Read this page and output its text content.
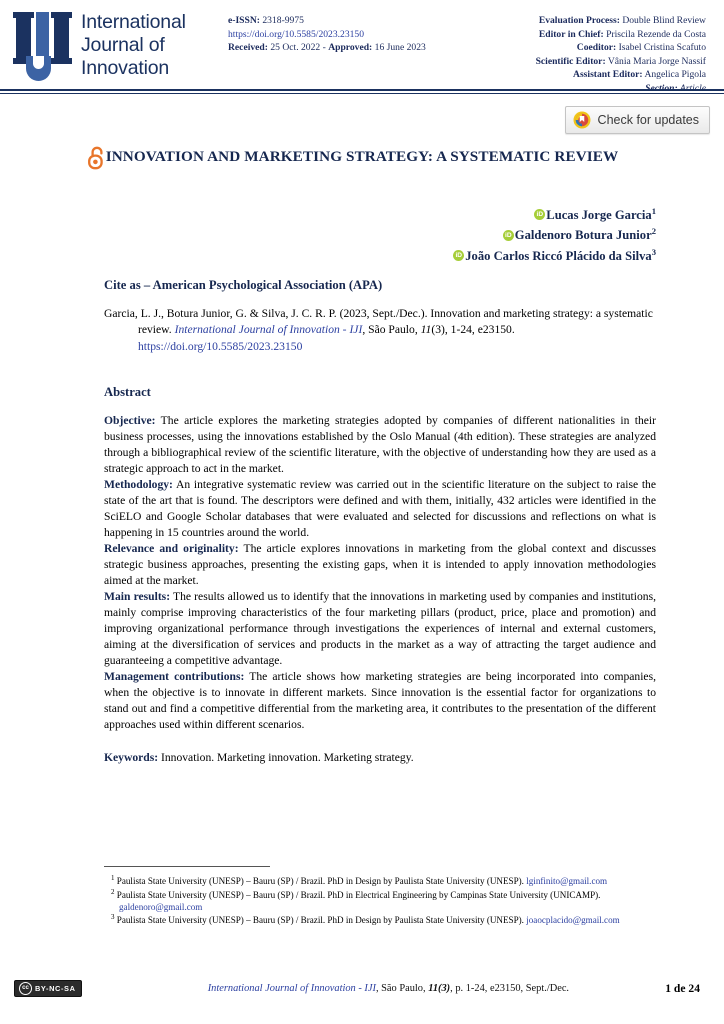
International
Journal of
Innovation
e-ISSN: 2318-9975
https://doi.org/10.5585/2023.23150
Received: 25 Oct. 2022 - Approved: 16 June 2023
Evaluation Process: Double Blind Review
Editor in Chief: Priscila Rezende da Costa
Coeditor: Isabel Cristina Scafuto
Scientific Editor: Vânia Maria Jorge Nassif
Assistant Editor: Angelica Pigola
Check for updates
INNOVATION AND MARKETING STRATEGY: A SYSTEMATIC REVIEW
iDLucas Jorge Garcia$^1$
iDGaldenoro Botura Junior$^2$
iDJoão Carlos Riccó Plácido da Silva$^3$
Cite as – American Psychological Association (APA)
Garcia, L. J., Botura Junior, G. & Silva, J. C. R. P. (2023, Sept./Dec.). Innovation and marketing strategy: a systematic review. International Journal of Innovation - IJI, São Paulo, 11(3), 1-24, e23150. https://doi.org/10.5585/2023.23150
Abstract
Objective: The article explores the marketing strategies adopted by companies of different nationalities in their business processes, using the innovations established by the Oslo Manual (4th edition). These strategies are analyzed through a bibliographical review of the scientific literature, with the objective of understanding how they are used as a strategic approach to act in the market.
Methodology: An integrative systematic review was carried out in the scientific literature on the subject to raise the state of the art that is found. The descriptors were defined and with them, initially, 432 articles were identified in the SciELO and Google Scholar databases that were evaluated and selected for discussions and reflections on what is happening in 15 countries around the world.
Relevance and originality: The article explores innovations in marketing from the global context and discusses strategic business approaches, presenting the existing gaps, when it is intended to apply innovation methodologies aimed at the market.
Main results: The results allowed us to identify that the innovations in marketing used by companies and institutions, mainly comprise improving characteristics of the four marketing pillars (product, price, place and promotion) and improving organizational performance through investigations the experiences of internal and external customers, aiming at the diversification of services and products in the market as a way of attracting the target audience and guaranteeing a competitive advantage.
Management contributions: The article shows how marketing strategies are being incorporated into companies, when the objective is to innovate in different markets. Since innovation is the essential factor for organizations to stand out and find a competitive differential from the marketing area, it contributes to the presentation of the different approaches used within different scenarios.
Keywords: Innovation. Marketing innovation. Marketing strategy.
$^1$ Paulista State University (UNESP) – Bauru (SP) / Brazil. PhD in Design by Paulista State University (UNESP). lginfinito@gmail.com
$^2$ Paulista State University (UNESP) – Bauru (SP) / Brazil. PhD in Electrical Engineering by Campinas State University (UNICAMP). galdenoro@gmail.com
$^3$ Paulista State University (UNESP) – Bauru (SP) / Brazil. PhD in Design by Paulista State University (UNESP). joaocplacido@gmail.com
cc BY-NC-SA	International Journal of Innovation - IJI, São Paulo, 11(3), p. 1-24, e23150, Sept./Dec.	1 de 24
